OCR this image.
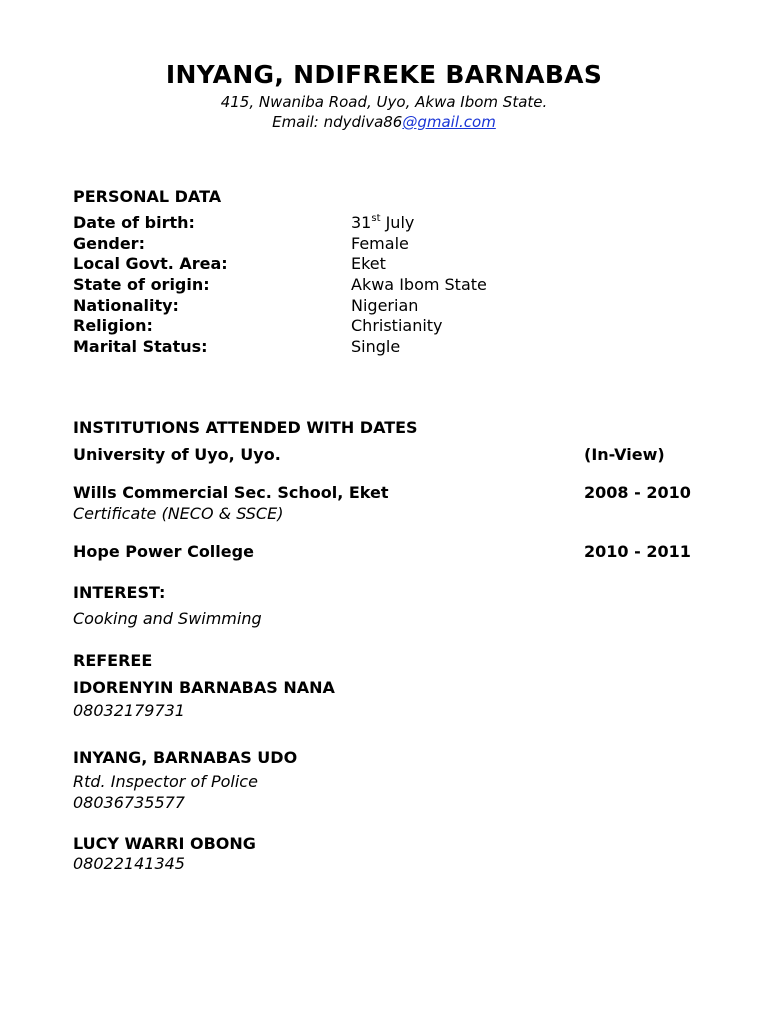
INYANG, NDIFREKE BARNABAS
415, Nwaniba Road, Uyo, Akwa Ibom State.
Email: ndydiva86@gmail.com
PERSONAL DATA
Date of birth:	31st July
Gender:	Female
Local Govt. Area:	Eket
State of origin:	Akwa Ibom State
Nationality:	Nigerian
Religion:	Christianity
Marital Status:	Single
INSTITUTIONS ATTENDED WITH DATES
University of Uyo, Uyo.	(In-View)
Wills Commercial Sec. School, Eket	2008 - 2010
Certificate (NECO & SSCE)
Hope Power College	2010 - 2011
INTEREST:
Cooking and Swimming
REFEREE
IDORENYIN BARNABAS NANA
08032179731
INYANG, BARNABAS UDO
Rtd. Inspector of Police
08036735577
LUCY WARRI OBONG
08022141345
